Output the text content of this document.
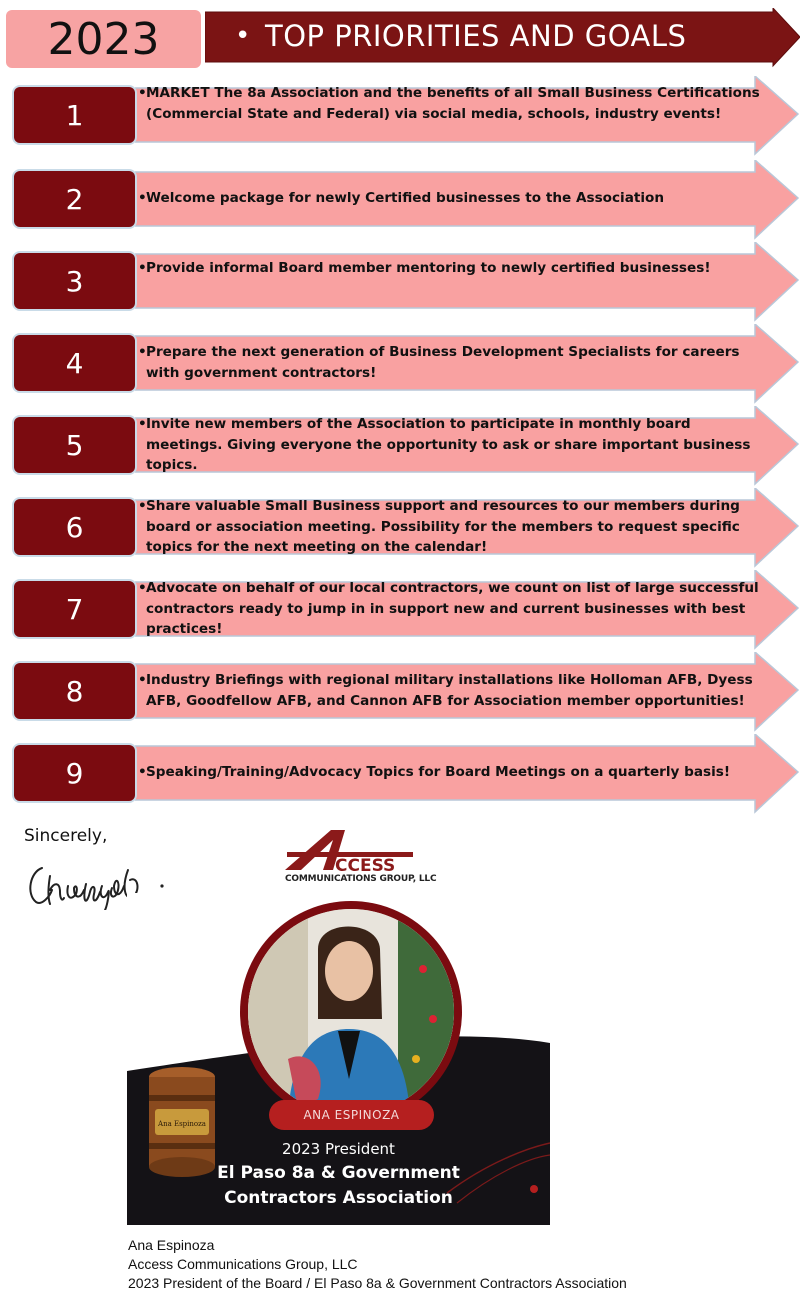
2023	• TOP PRIORITIES AND GOALS
1
• MARKET The 8a Association and the benefits of all Small Business Certifications (Commercial State and Federal) via social media, schools, industry events!
2	• Welcome package for newly Certified businesses to the Association
3	• Provide informal Board member mentoring to newly certified businesses!
4	• Prepare the next generation of Business Development Specialists for careers with government contractors!
5
• Invite new members of the Association to participate in monthly board meetings. Giving everyone the opportunity to ask or share important business topics.
6
• Share valuable Small Business support and resources to our members during board or association meeting. Possibility for the members to request specific topics for the next meeting on the calendar!
7
• Advocate on behalf of our local contractors, we count on list of large successful contractors ready to jump in in support new and current businesses with best practices!
8	• Industry Briefings with regional military installations like Holloman AFB, Dyess AFB, Goodfellow AFB, and Cannon AFB for Association member opportunities!
9	• Speaking/Training/Advocacy Topics for Board Meetings on a quarterly basis!
Sincerely,
CCESS
COMMUNICATIONS GROUP, LLC
ANA ESPINOZA
2023 President
El Paso 8a & Government
Contractors Association
Ana Espinoza
Ana Espinoza
Access Communications Group, LLC
2023 President of the Board / El Paso 8a & Government Contractors Association
